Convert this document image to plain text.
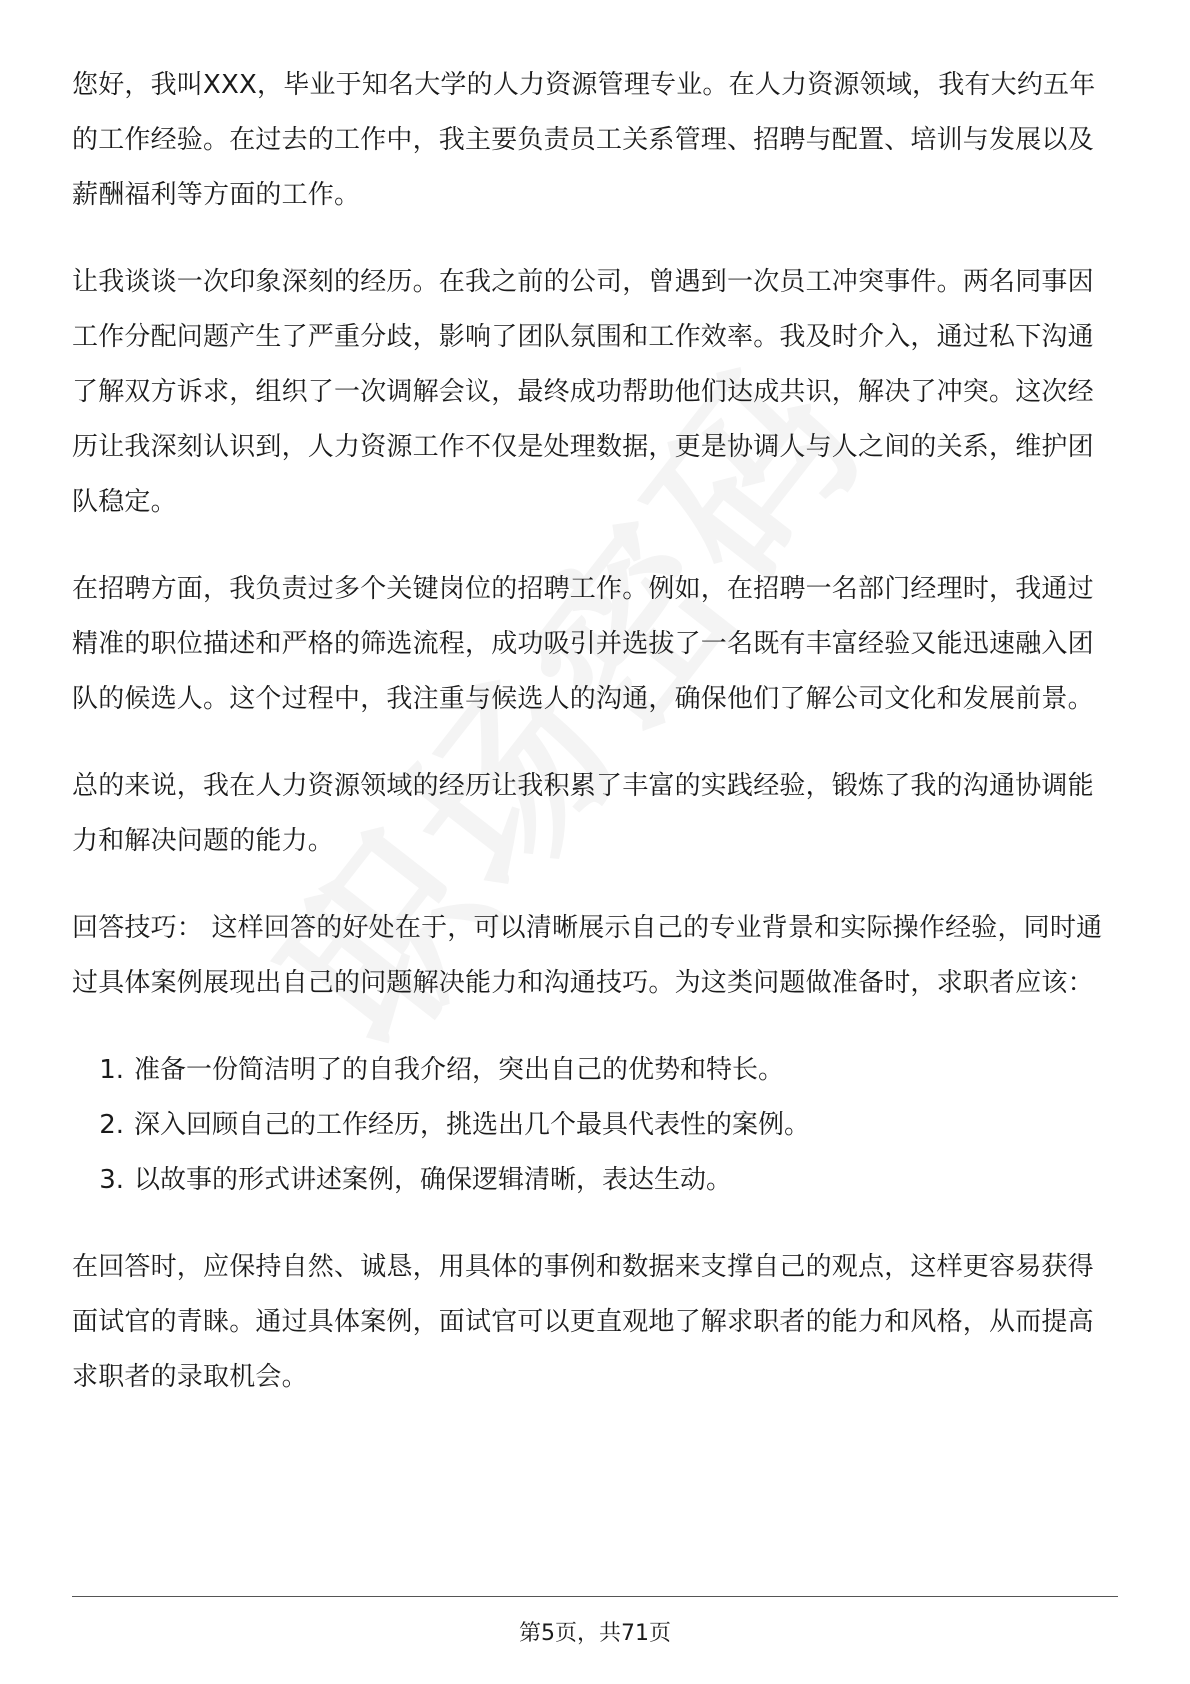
您好，我叫XXX，毕业于知名大学的人力资源管理专业。在人力资源领域，我有大约五年的工作经验。在过去的工作中，我主要负责员工关系管理、招聘与配置、培训与发展以及薪酬福利等方面的工作。

让我谈谈一次印象深刻的经历。在我之前的公司，曾遇到一次员工冲突事件。两名同事因工作分配问题产生了严重分歧，影响了团队氛围和工作效率。我及时介入，通过私下沟通了解双方诉求，组织了一次调解会议，最终成功帮助他们达成共识，解决了冲突。这次经历让我深刻认识到，人力资源工作不仅是处理数据，更是协调人与人之间的关系，维护团队稳定。

在招聘方面，我负责过多个关键岗位的招聘工作。例如，在招聘一名部门经理时，我通过精准的职位描述和严格的筛选流程，成功吸引并选拔了一名既有丰富经验又能迅速融入团队的候选人。这个过程中，我注重与候选人的沟通，确保他们了解公司文化和发展前景。

总的来说，我在人力资源领域的经历让我积累了丰富的实践经验，锻炼了我的沟通协调能力和解决问题的能力。

回答技巧： 这样回答的好处在于，可以清晰展示自己的专业背景和实际操作经验，同时通过具体案例展现出自己的问题解决能力和沟通技巧。为这类问题做准备时，求职者应该：

1. 准备一份简洁明了的自我介绍，突出自己的优势和特长。
2. 深入回顾自己的工作经历，挑选出几个最具代表性的案例。
3. 以故事的形式讲述案例，确保逻辑清晰，表达生动。

在回答时，应保持自然、诚恳，用具体的事例和数据来支撑自己的观点，这样更容易获得面试官的青睐。通过具体案例，面试官可以更直观地了解求职者的能力和风格，从而提高求职者的录取机会。

第5页，共71页
